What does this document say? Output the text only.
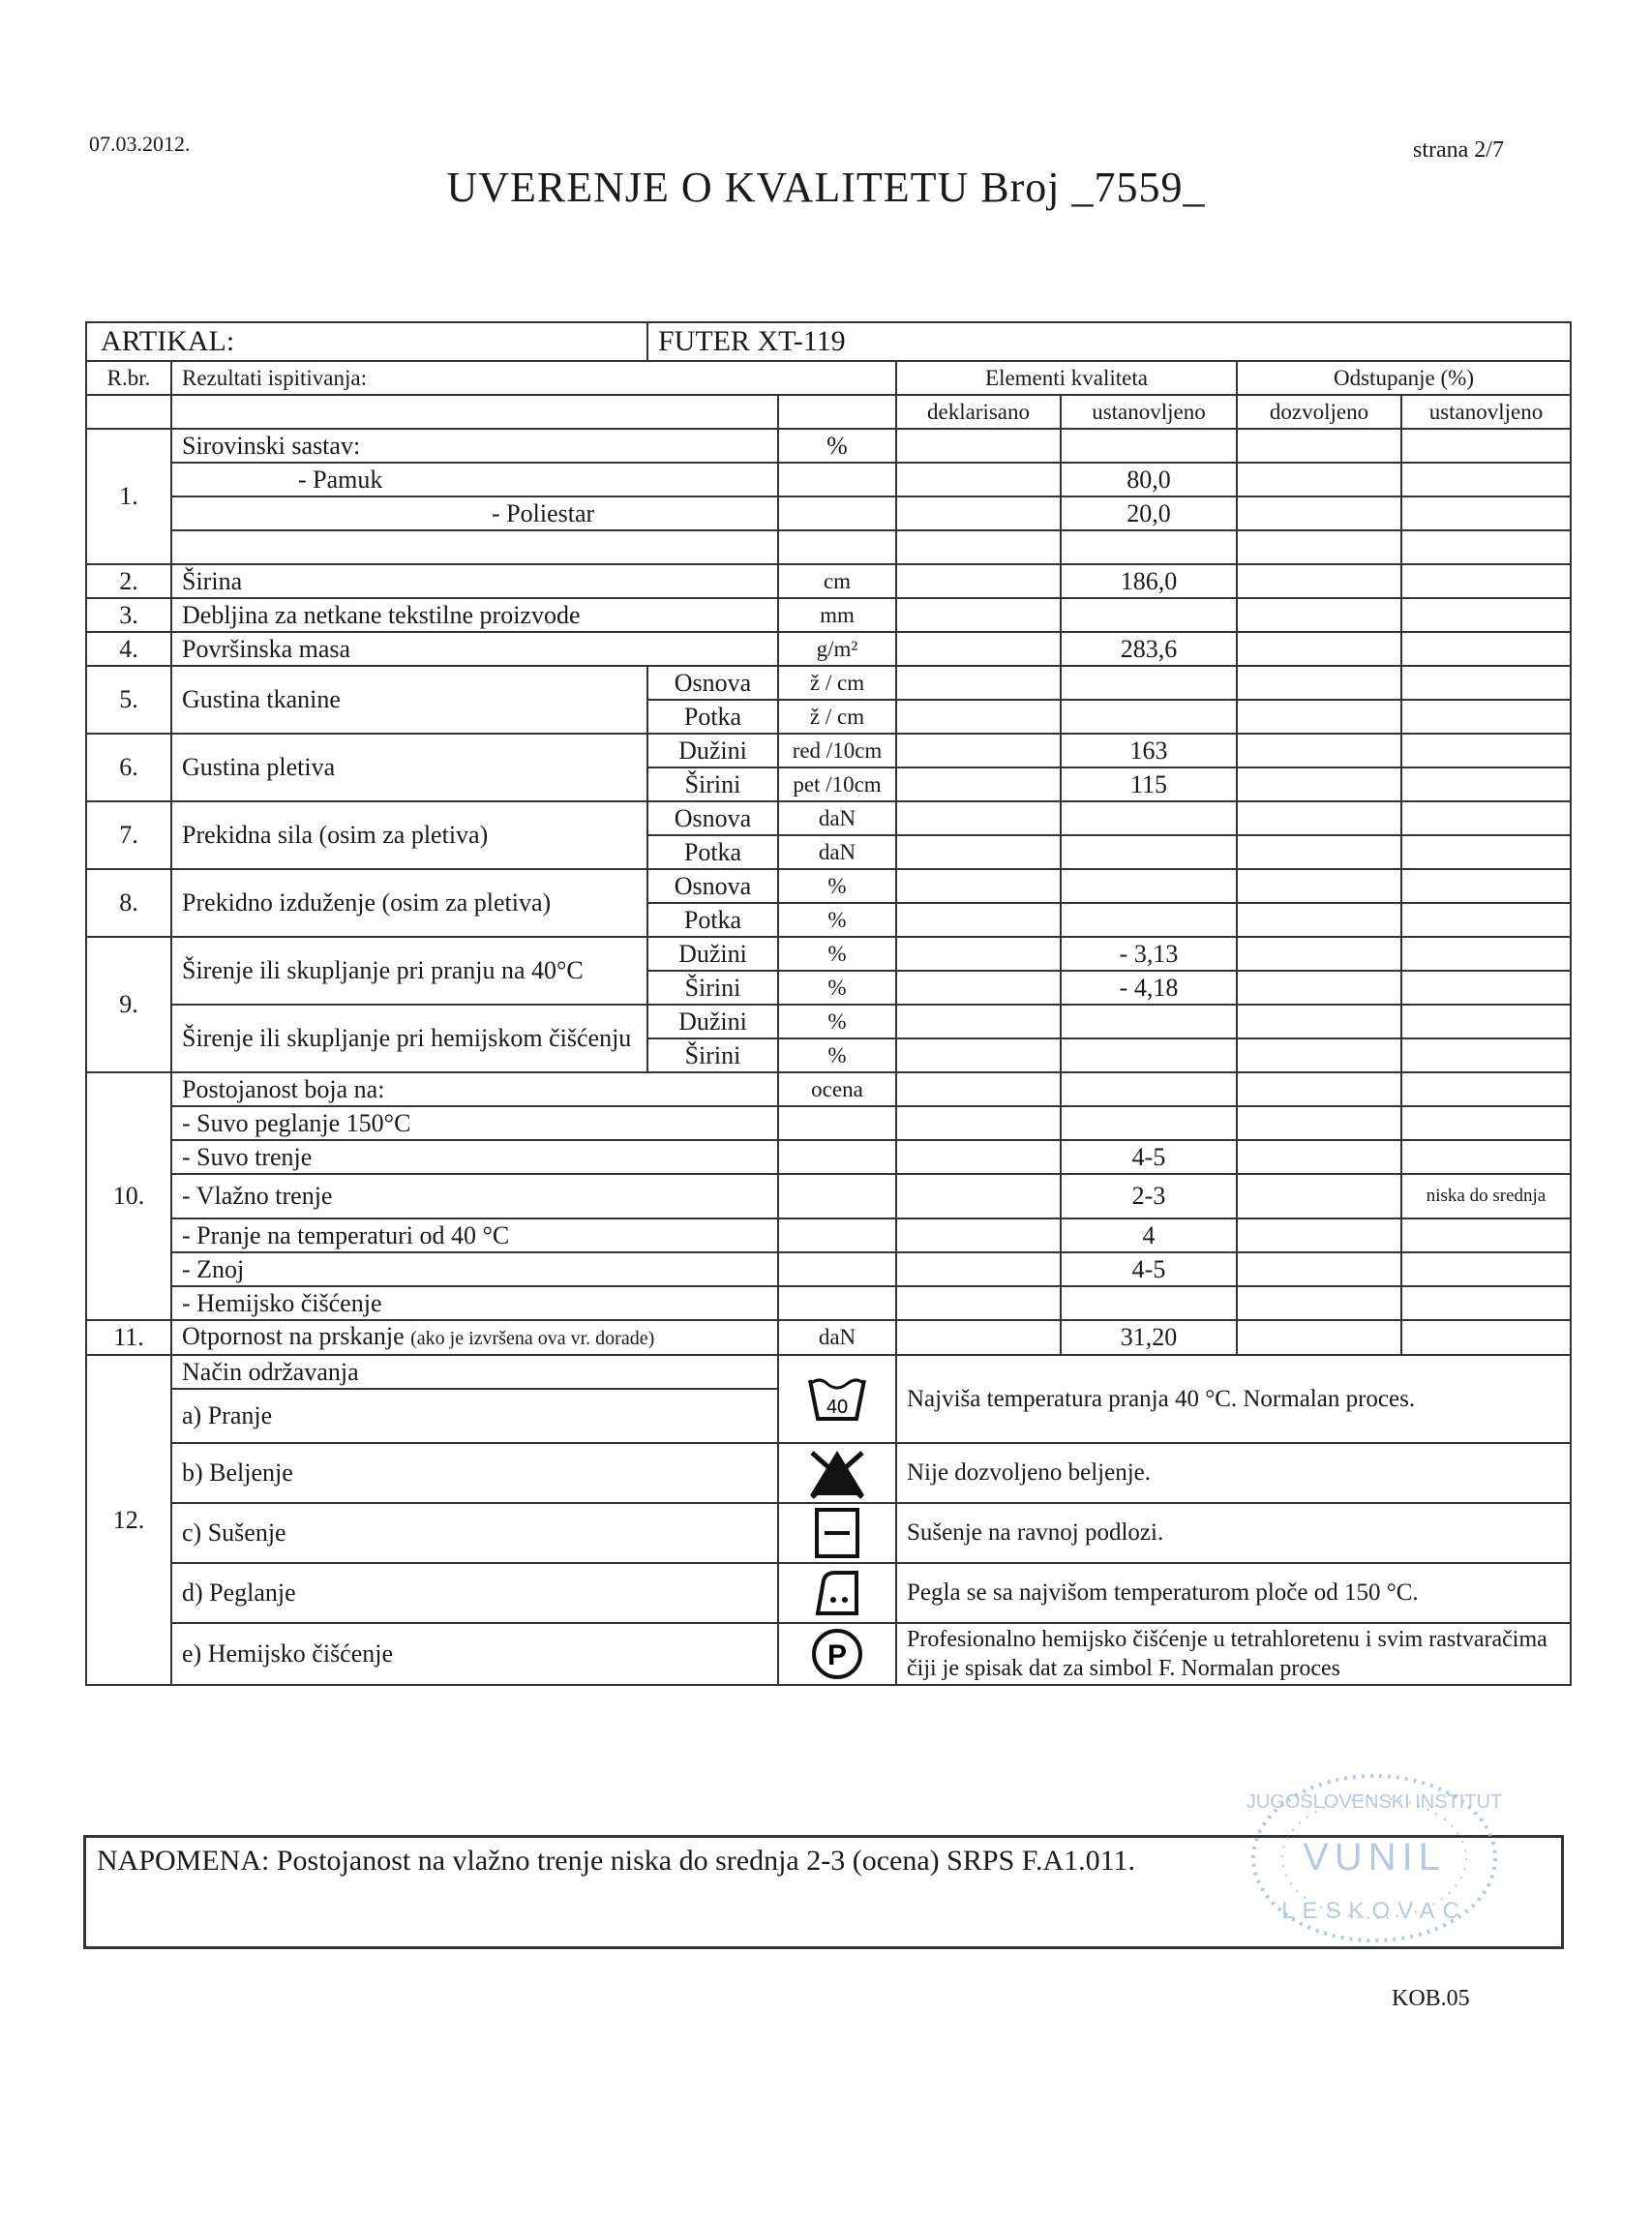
07.03.2012.	strana 2/7
UVERENJE O KVALITETU Broj _7559_
ARTIKAL:		FUTER XT-119					
R.br.	Rezultati ispitivanja:			Elementi kvaliteta		Odstupanje (%)	
				deklarisano	ustanovljeno	dozvoljeno	ustanovljeno
1.	Sirovinski sastav:		%				
	- Pamuk				80,0		
	- Poliestar				20,0		

2.	Širina		cm		186,0		
3.	Debljina za netkane tekstilne proizvode		mm				
4.	Površinska masa		g/m²		283,6		
5.	Gustina tkanine	Osnova	ž / cm				
		Potka	ž / cm				
6.	Gustina pletiva	Dužini	red /10cm		163		
		Širini	pet /10cm		115		
7.	Prekidna sila (osim za pletiva)	Osnova	daN				
		Potka	daN				
8.	Prekidno izduženje (osim za pletiva)	Osnova	%				
		Potka	%				
9.	Širenje ili skupljanje pri pranju na 40°C	Dužini	%		- 3,13		
		Širini	%		- 4,18		
	Širenje ili skupljanje pri hemijskom čišćenju	Dužini	%				
		Širini	%				
10.	Postojanost boja na:		ocena				
	- Suvo peglanje 150°C						
	- Suvo trenje				4-5		
	- Vlažno trenje				2-3		niska do srednja
	- Pranje na temperaturi od 40 °C				4		
	- Znoj				4-5		
	- Hemijsko čišćenje						
11.	Otpornost na prskanje (ako je izvršena ova vr. dorade)		daN		31,20		
12.	Način održavanja		40	Najviša temperatura pranja 40 °C. Normalan proces.			
	a) Pranje						
	b) Beljenje			Nije dozvoljeno beljenje.			
	c) Sušenje			Sušenje na ravnoj podlozi.			
	d) Peglanje			Pegla se sa najvišom temperaturom ploče od 150 °C.			
	e) Hemijsko čišćenje		P	Profesionalno hemijsko čišćenje u tetrahloretenu i svim rastvaračima čiji je spisak dat za simbol F. Normalan proces			
NAPOMENA: Postojanost na vlažno trenje niska do srednja 2-3 (ocena) SRPS F.A1.011.
JUGOSLOVENSKI INSTITUT
VUNIL
LESKOVAC
KOB.05
